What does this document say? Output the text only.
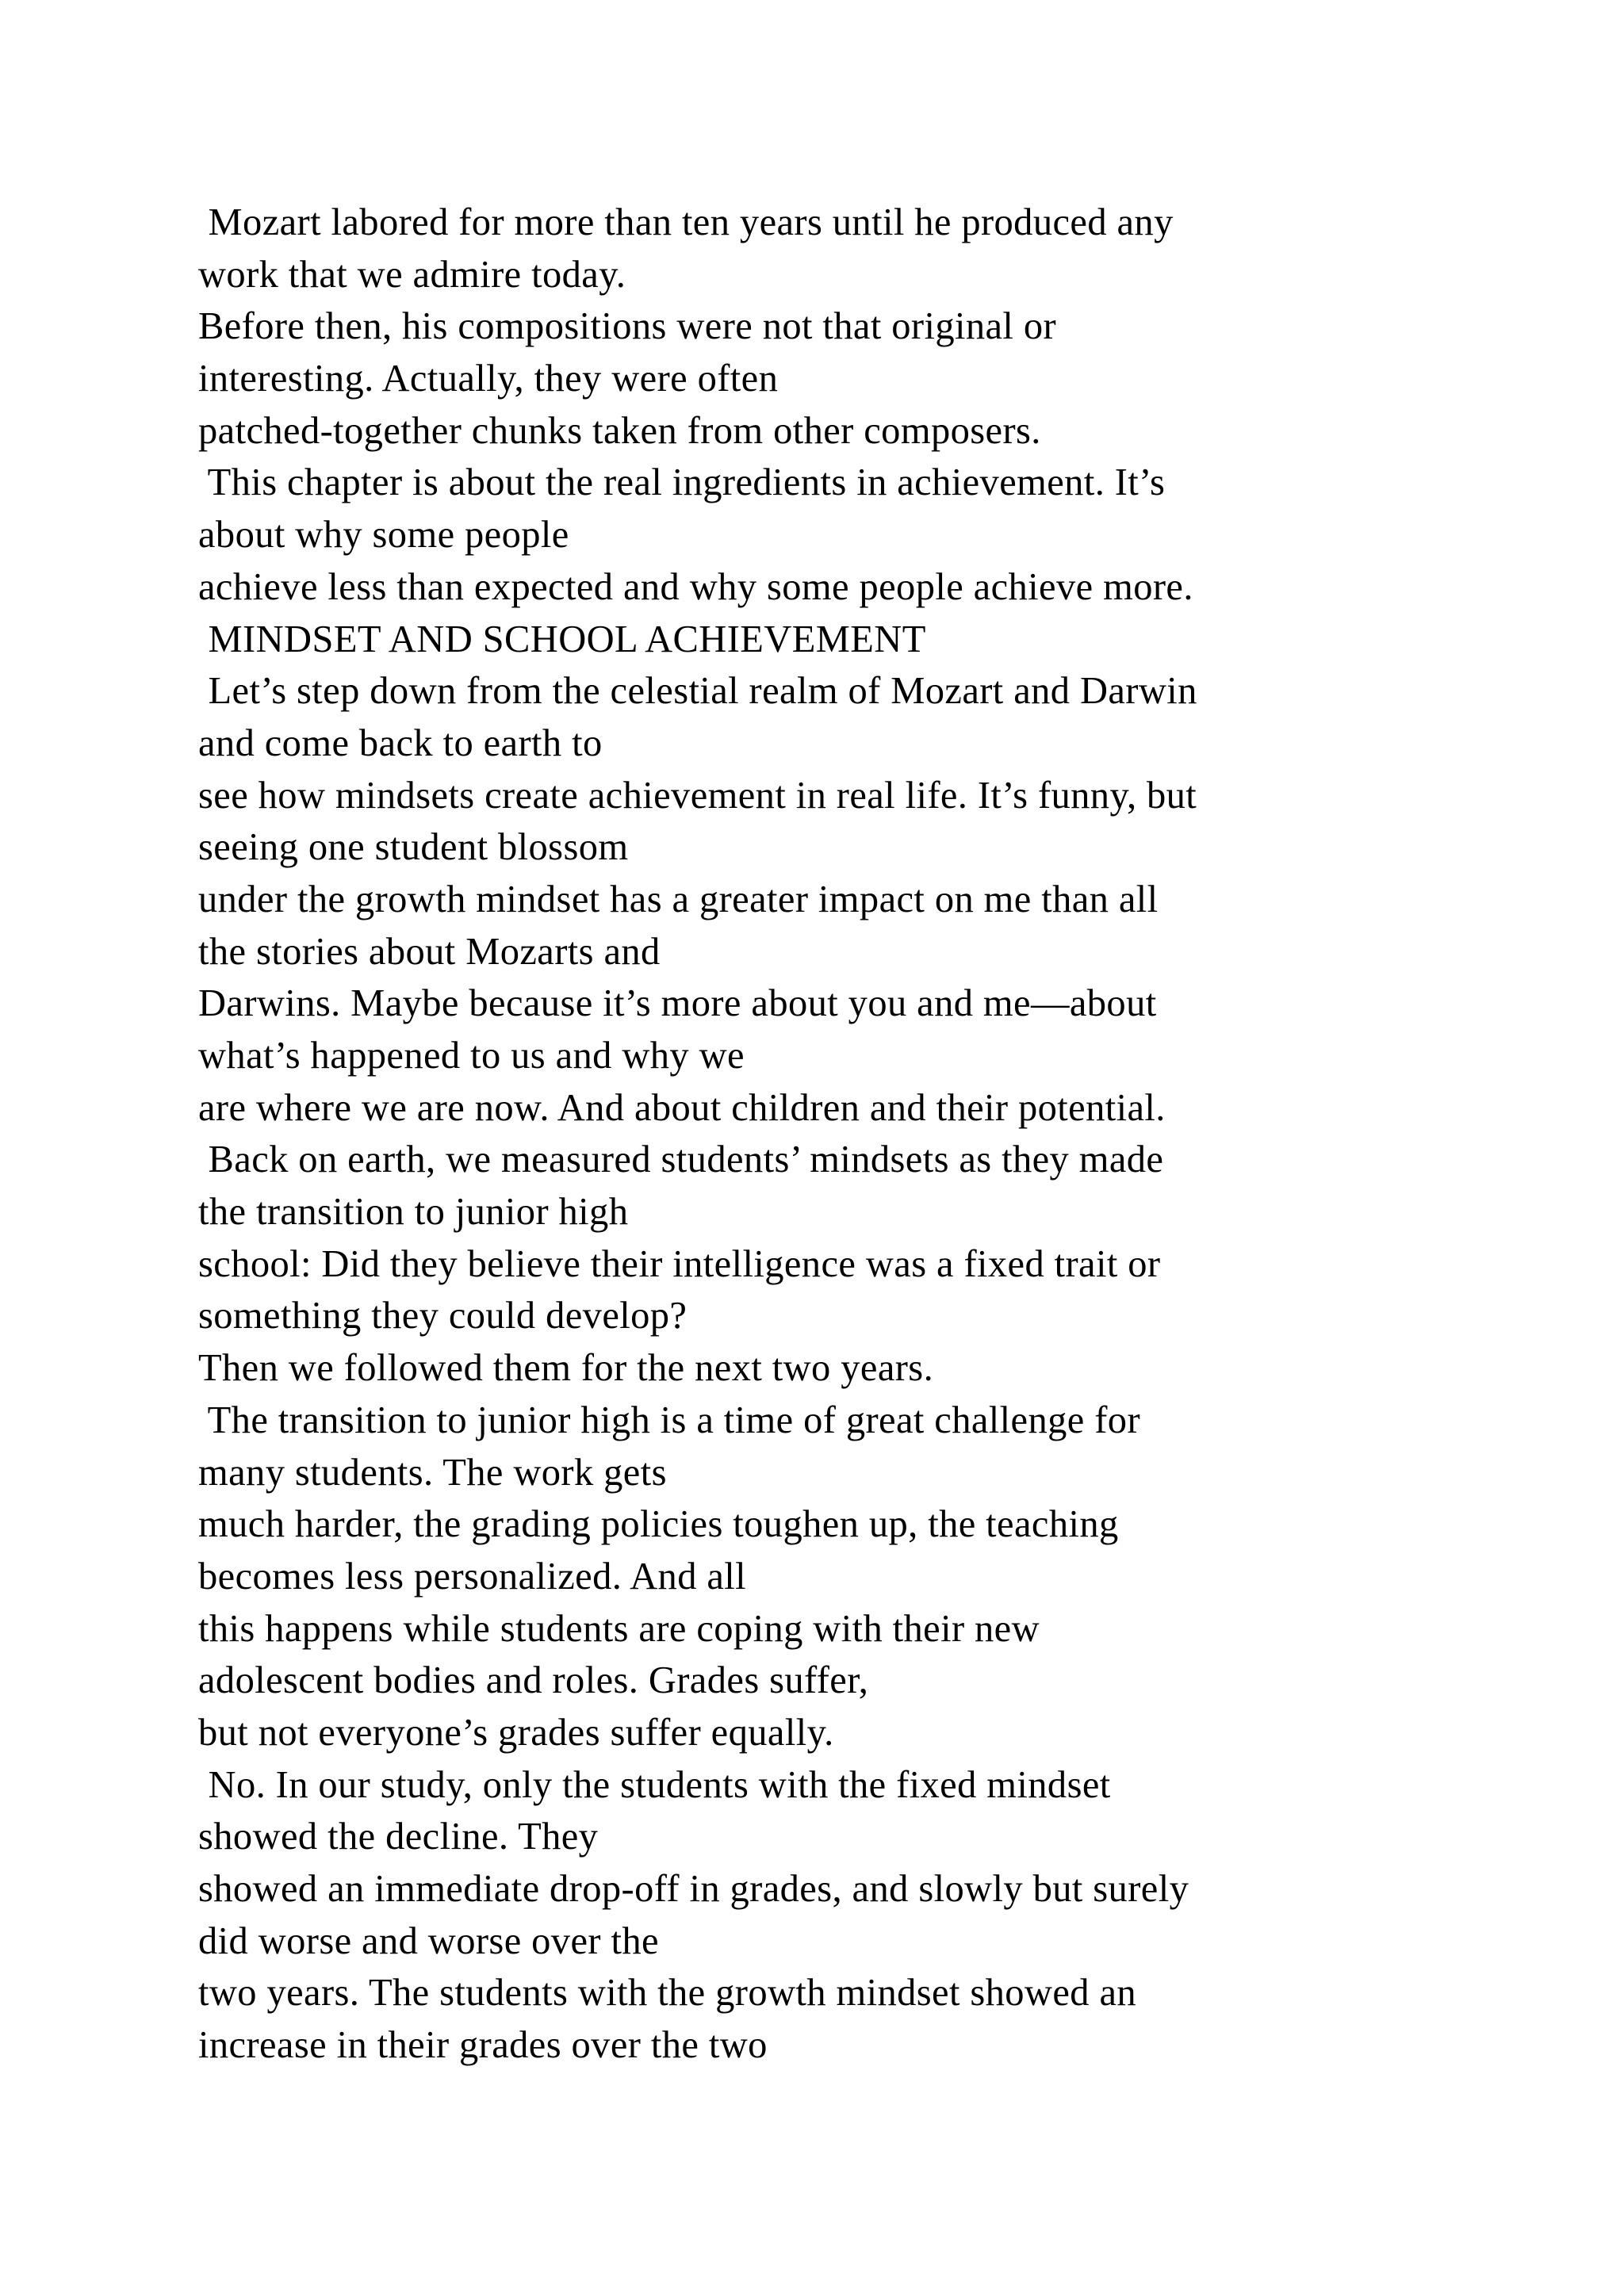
Mozart labored for more than ten years until he produced any
work that we admire today.
Before then, his compositions were not that original or
interesting. Actually, they were often
patched-together chunks taken from other composers.
This chapter is about the real ingredients in achievement. It’s
about why some people
achieve less than expected and why some people achieve more.
MINDSET AND SCHOOL ACHIEVEMENT
Let’s step down from the celestial realm of Mozart and Darwin
and come back to earth to
see how mindsets create achievement in real life. It’s funny, but
seeing one student blossom
under the growth mindset has a greater impact on me than all
the stories about Mozarts and
Darwins. Maybe because it’s more about you and me—about
what’s happened to us and why we
are where we are now. And about children and their potential.
Back on earth, we measured students’ mindsets as they made
the transition to junior high
school: Did they believe their intelligence was a fixed trait or
something they could develop?
Then we followed them for the next two years.
The transition to junior high is a time of great challenge for
many students. The work gets
much harder, the grading policies toughen up, the teaching
becomes less personalized. And all
this happens while students are coping with their new
adolescent bodies and roles. Grades suffer,
but not everyone’s grades suffer equally.
No. In our study, only the students with the fixed mindset
showed the decline. They
showed an immediate drop-off in grades, and slowly but surely
did worse and worse over the
two years. The students with the growth mindset showed an
increase in their grades over the two
